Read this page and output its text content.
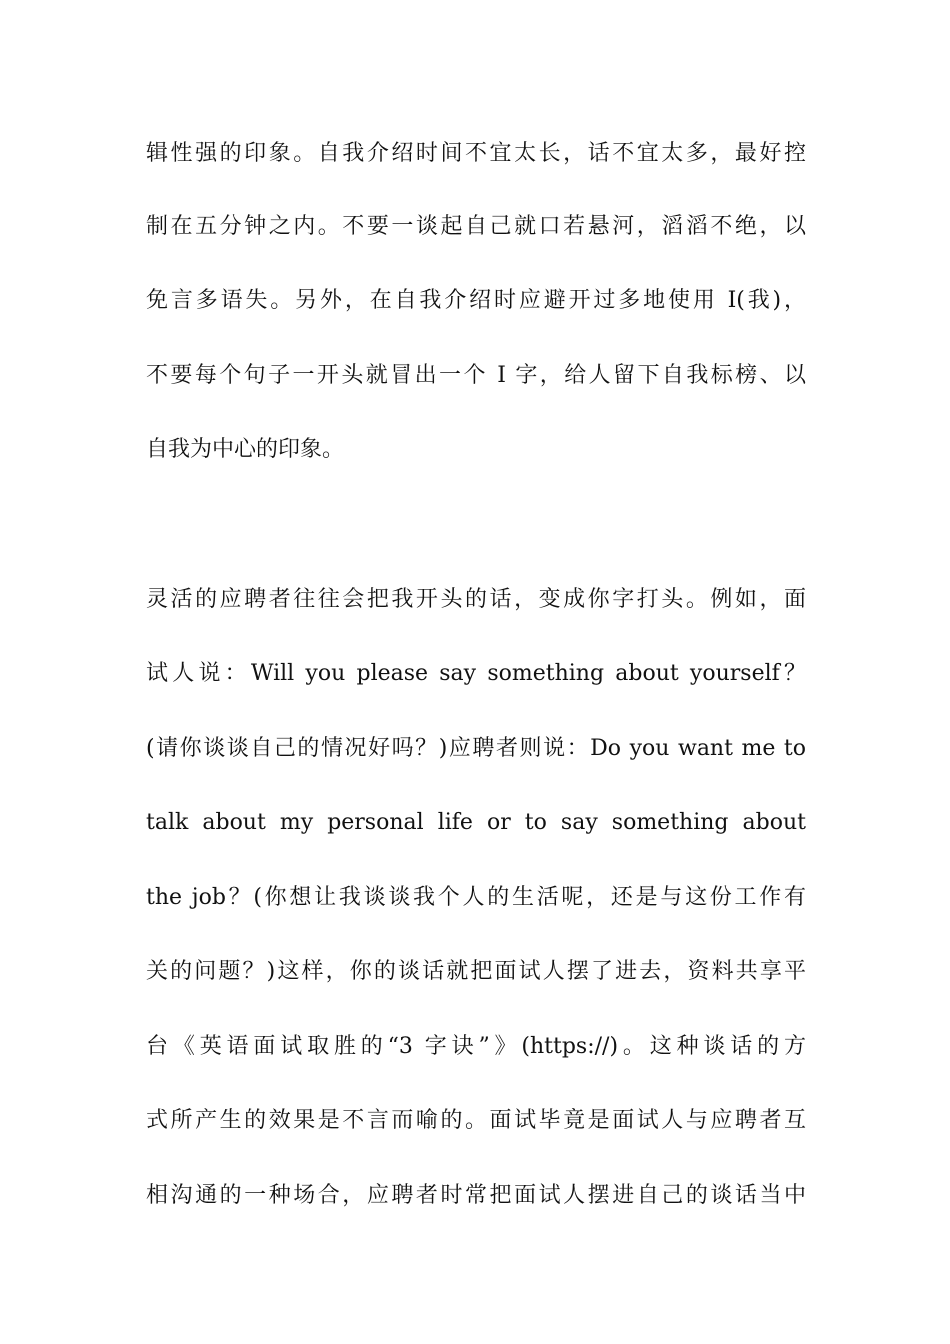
辑性强的印象。自我介绍时间不宜太长，话不宜太多，最好控
制在五分钟之内。不要一谈起自己就口若悬河，滔滔不绝，以
免言多语失。另外，在自我介绍时应避开过多地使用 I(我)，
不要每个句子一开头就冒出一个 I 字，给人留下自我标榜、以
自我为中心的印象。
灵活的应聘者往往会把我开头的话，变成你字打头。例如，面
试人说：Will you please say something about yourself？
(请你谈谈自己的情况好吗？)应聘者则说：Do you want me to
talk about my personal life or to say something about
the job？(你想让我谈谈我个人的生活呢，还是与这份工作有
关的问题？)这样，你的谈话就把面试人摆了进去，资料共享平
台《英语面试取胜的“3 字诀”》(https://)。这种谈话的方
式所产生的效果是不言而喻的。面试毕竟是面试人与应聘者互
相沟通的一种场合，应聘者时常把面试人摆进自己的谈话当中
